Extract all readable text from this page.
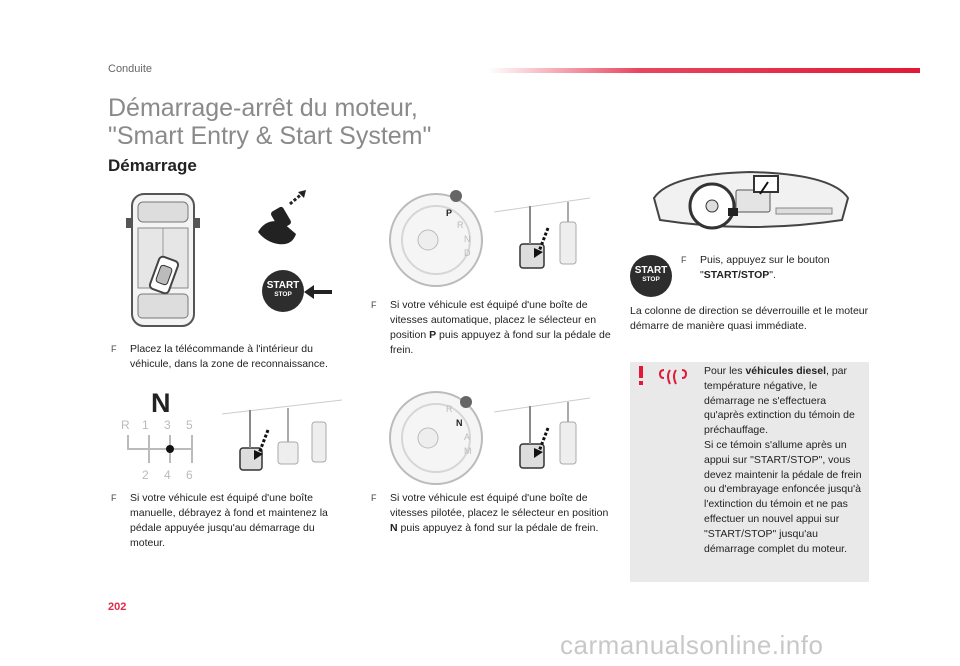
Conduite
Démarrage-arrêt du moteur,
"Smart Entry & Start System"
Démarrage
START
STOP
F	Placez la télécommande à l'intérieur du véhicule, dans la zone de reconnaissance.
P
R
N
D
F	Si votre véhicule est équipé d'une boîte de vitesses automatique, placez le sélecteur en position P puis appuyez à fond sur la pédale de frein.
START
STOP
F	Puis, appuyez sur le bouton "START/STOP".
La colonne de direction se déverrouille et le moteur démarre de manière quasi immédiate.
Pour les véhicules diesel, par température négative, le démarrage ne s'effectuera qu'après extinction du témoin de préchauffage.
Si ce témoin s'allume après un appui sur "START/STOP", vous devez maintenir la pédale de frein ou d'embrayage enfoncée jusqu'à l'extinction du témoin et ne pas effectuer un nouvel appui sur "START/STOP" jusqu'au démarrage complet du moteur.
N
R 1 3 5
2 4 6
F	Si votre véhicule est équipé d'une boîte manuelle, débrayez à fond et maintenez la pédale appuyée jusqu'au démarrage du moteur.
R
N
A
M
F	Si votre véhicule est équipé d'une boîte de vitesses pilotée, placez le sélecteur en position N puis appuyez à fond sur la pédale de frein.
202
carmanualsonline.info
